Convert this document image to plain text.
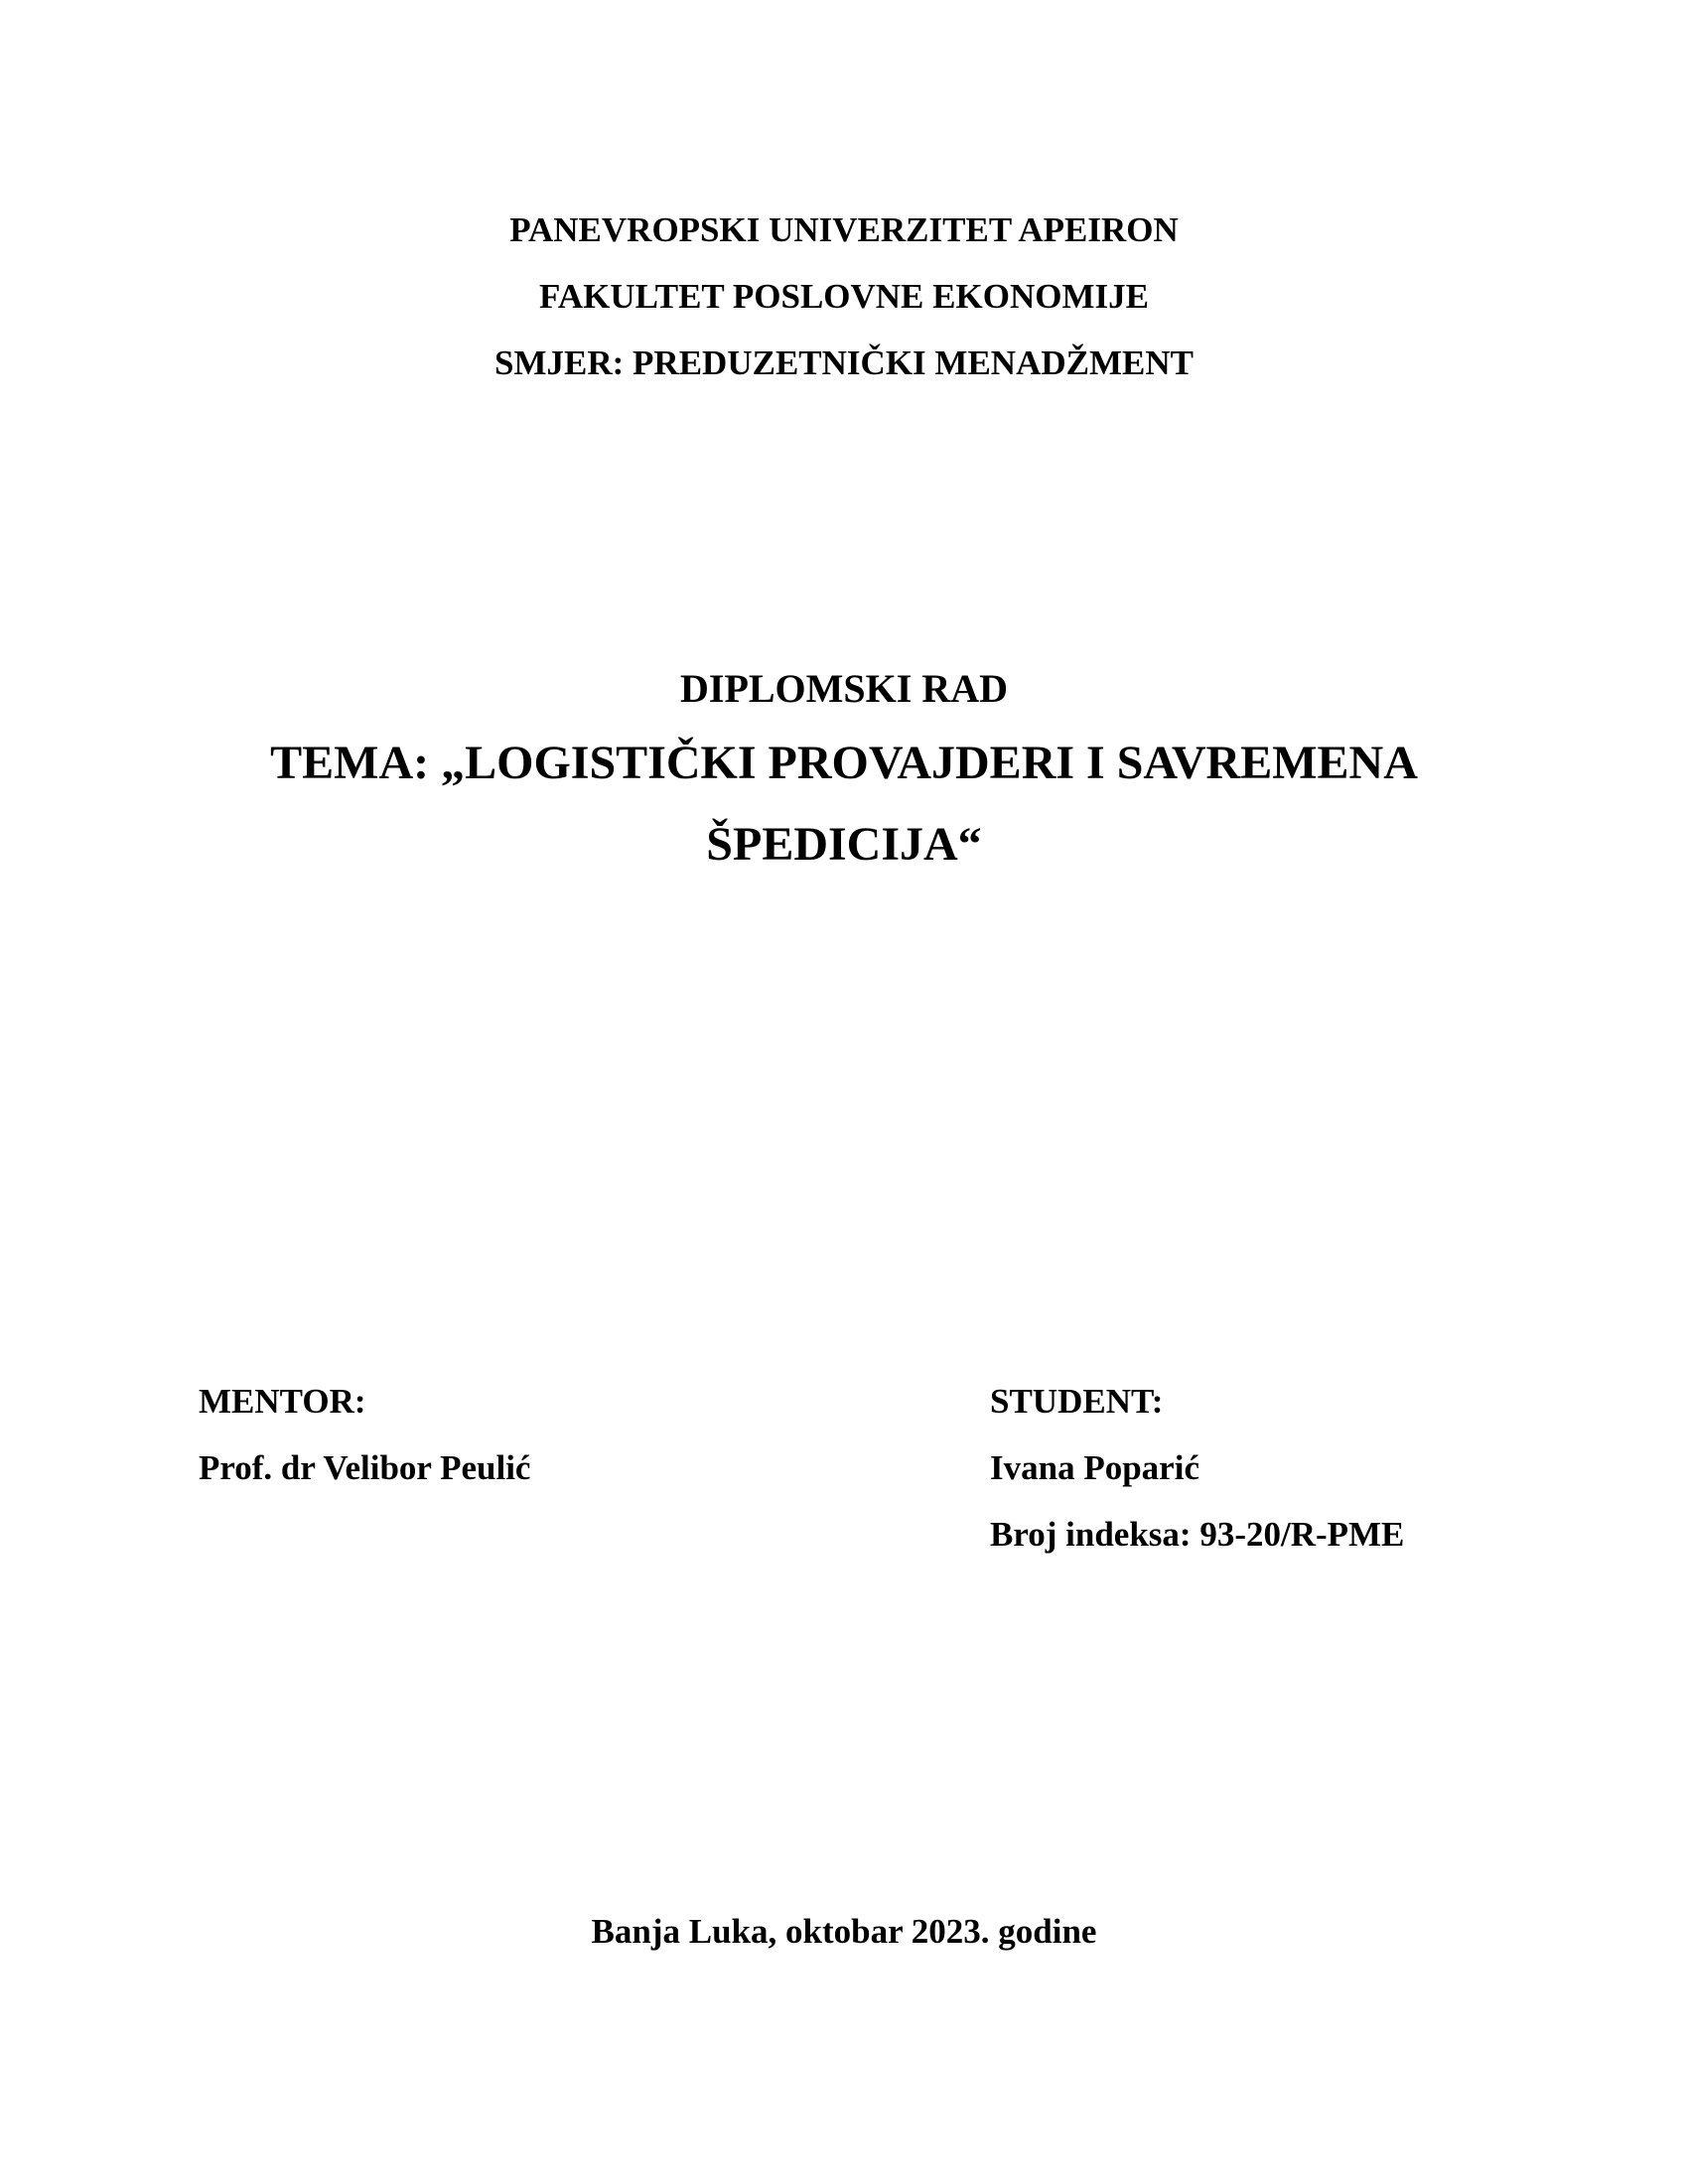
PANEVROPSKI UNIVERZITET APEIRON
FAKULTET POSLOVNE EKONOMIJE
SMJER: PREDUZETNIČKI MENADŽMENT
DIPLOMSKI RAD
TEMA: „LOGISTIČKI PROVAJDERI I SAVREMENA
ŠPEDICIJA“
MENTOR:
Prof. dr Velibor Peulić
STUDENT:
Ivana Poparić
Broj indeksa: 93-20/R-PME
Banja Luka, oktobar 2023. godine
